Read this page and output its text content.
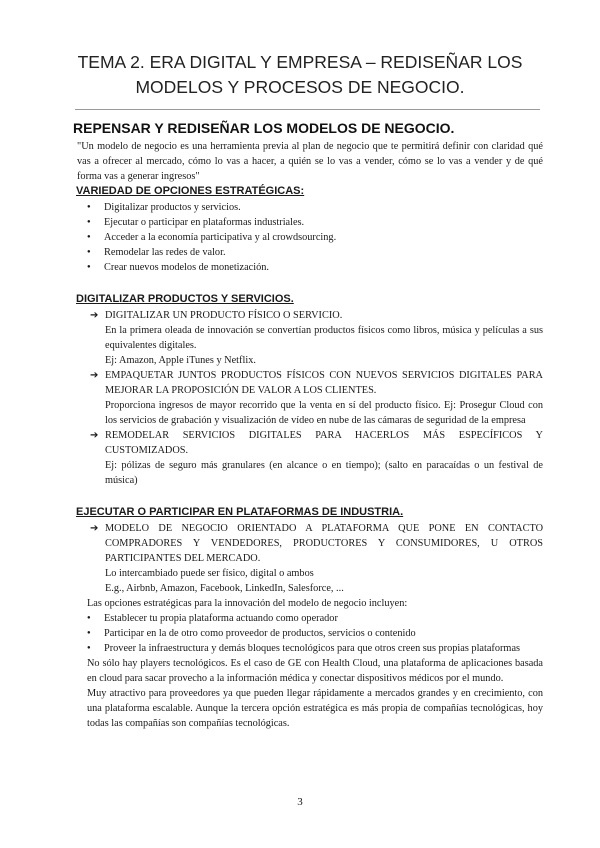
TEMA 2. ERA DIGITAL Y EMPRESA – REDISEÑAR LOS
MODELOS Y PROCESOS DE NEGOCIO.
REPENSAR Y REDISEÑAR LOS MODELOS DE NEGOCIO.
"Un modelo de negocio es una herramienta previa al plan de negocio que te permitirá definir con claridad qué vas a ofrecer al mercado, cómo lo vas a hacer, a quién se lo vas a vender, cómo se lo vas a vender y de qué forma vas a generar ingresos"
VARIEDAD DE OPCIONES ESTRATÉGICAS:
● Digitalizar productos y servicios.
● Ejecutar o participar en plataformas industriales.
● Acceder a la economía participativa y al crowdsourcing.
● Remodelar las redes de valor.
● Crear nuevos modelos de monetización.
DIGITALIZAR PRODUCTOS Y SERVICIOS.
➔ DIGITALIZAR UN PRODUCTO FÍSICO O SERVICIO.
En la primera oleada de innovación se convertían productos físicos como libros, música y películas a sus equivalentes digitales.
Ej: Amazon, Apple iTunes y Netflix.
➔ EMPAQUETAR JUNTOS PRODUCTOS FÍSICOS CON NUEVOS SERVICIOS DIGITALES PARA MEJORAR LA PROPOSICIÓN DE VALOR A LOS CLIENTES.
Proporciona ingresos de mayor recorrido que la venta en sí del producto físico. Ej: Prosegur Cloud con los servicios de grabación y visualización de vídeo en nube de las cámaras de seguridad de la empresa
➔ REMODELAR SERVICIOS DIGITALES PARA HACERLOS MÁS ESPECÍFICOS Y CUSTOMIZADOS.
Ej: pólizas de seguro más granulares (en alcance o en tiempo); (salto en paracaídas o un festival de música)
EJECUTAR O PARTICIPAR EN PLATAFORMAS DE INDUSTRIA.
➔ MODELO DE NEGOCIO ORIENTADO A PLATAFORMA QUE PONE EN CONTACTO COMPRADORES Y VENDEDORES, PRODUCTORES Y CONSUMIDORES, U OTROS PARTICIPANTES DEL MERCADO.
Lo intercambiado puede ser físico, digital o ambos
E.g., Airbnb, Amazon, Facebook, LinkedIn, Salesforce, ...
Las opciones estratégicas para la innovación del modelo de negocio incluyen:
● Establecer tu propia plataforma actuando como operador
● Participar en la de otro como proveedor de productos, servicios o contenido
● Proveer la infraestructura y demás bloques tecnológicos para que otros creen sus propias plataformas
No sólo hay players tecnológicos. Es el caso de GE con Health Cloud, una plataforma de aplicaciones basada en cloud para sacar provecho a la información médica y conectar dispositivos médicos por el mundo.
Muy atractivo para proveedores ya que pueden llegar rápidamente a mercados grandes y en crecimiento, con una plataforma escalable. Aunque la tercera opción estratégica es más propia de compañías tecnológicas, hoy todas las compañías son compañías tecnológicas.
3
